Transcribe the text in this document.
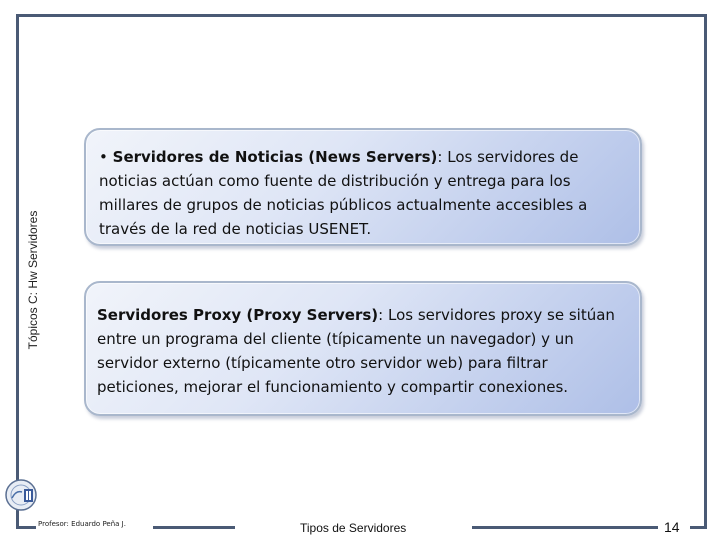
Tópicos C: Hw Servidores
• Servidores de Noticias (News Servers): Los servidores de noticias actúan como fuente de distribución y entrega para los millares de grupos de noticias públicos actualmente accesibles a través de la red de noticias USENET.
Servidores Proxy (Proxy Servers): Los servidores proxy se sitúan entre un programa del cliente (típicamente un navegador) y un servidor externo (típicamente otro servidor web) para filtrar peticiones, mejorar el funcionamiento y compartir conexiones.
Profesor: Eduardo Peña J.	Tipos de Servidores	14
